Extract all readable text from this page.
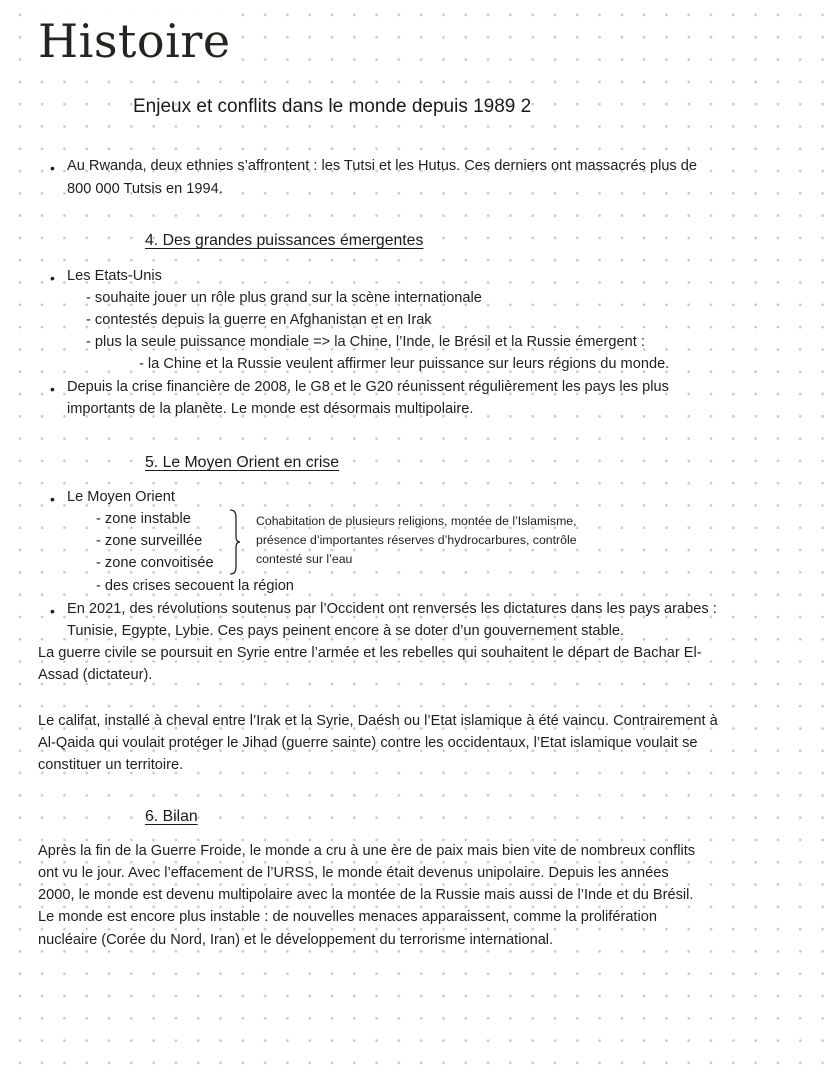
Histoire
Enjeux et conflits dans le monde depuis 1989 2
• Au Rwanda, deux ethnies s’affrontent : les Tutsi et les Hutus. Ces derniers ont massacrés plus de
800 000 Tutsis en 1994.
4. Des grandes puissances émergentes
• Les Etats-Unis
- souhaite jouer un rôle plus grand sur la scène internationale
- contestés depuis la guerre en Afghanistan et en Irak
- plus la seule puissance mondiale => la Chine, l’Inde, le Brésil et la Russie émergent :
- la Chine et la Russie veulent affirmer leur puissance sur leurs régions du monde.
• Depuis la crise financière de 2008, le G8 et le G20 réunissent régulièrement les pays les plus
importants de la planète. Le monde est désormais multipolaire.
5. Le Moyen Orient en crise
• Le Moyen Orient
- zone instable
- zone surveillée
- zone convoitisée
- des crises secouent la région
Cohabitation de plusieurs religions, montée de l’Islamisme,
présence d’importantes réserves d’hydrocarbures, contrôle
contesté sur l’eau
• En 2021, des révolutions soutenus par l’Occident ont renversés les dictatures dans les pays arabes :
Tunisie, Egypte, Lybie. Ces pays peinent encore à se doter d’un gouvernement stable.
La guerre civile se poursuit en Syrie entre l’armée et les rebelles qui souhaitent le départ de Bachar El-
Assad (dictateur).
Le califat, installé à cheval entre l’Irak et la Syrie, Daésh ou l’Etat islamique à été vaincu. Contrairement à
Al-Qaida qui voulait protéger le Jihad (guerre sainte) contre les occidentaux, l’Etat islamique voulait se
constituer un territoire.
6. Bilan
Après la fin de la Guerre Froide, le monde a cru à une ère de paix mais bien vite de nombreux conflits
ont vu le jour. Avec l’effacement de l’URSS, le monde était devenus unipolaire. Depuis les années
2000, le monde est devenu multipolaire avec la montée de la Russie mais aussi de l’Inde et du Brésil.
Le monde est encore plus instable : de nouvelles menaces apparaissent, comme la prolifération
nucléaire (Corée du Nord, Iran) et le développement du terrorisme international.
